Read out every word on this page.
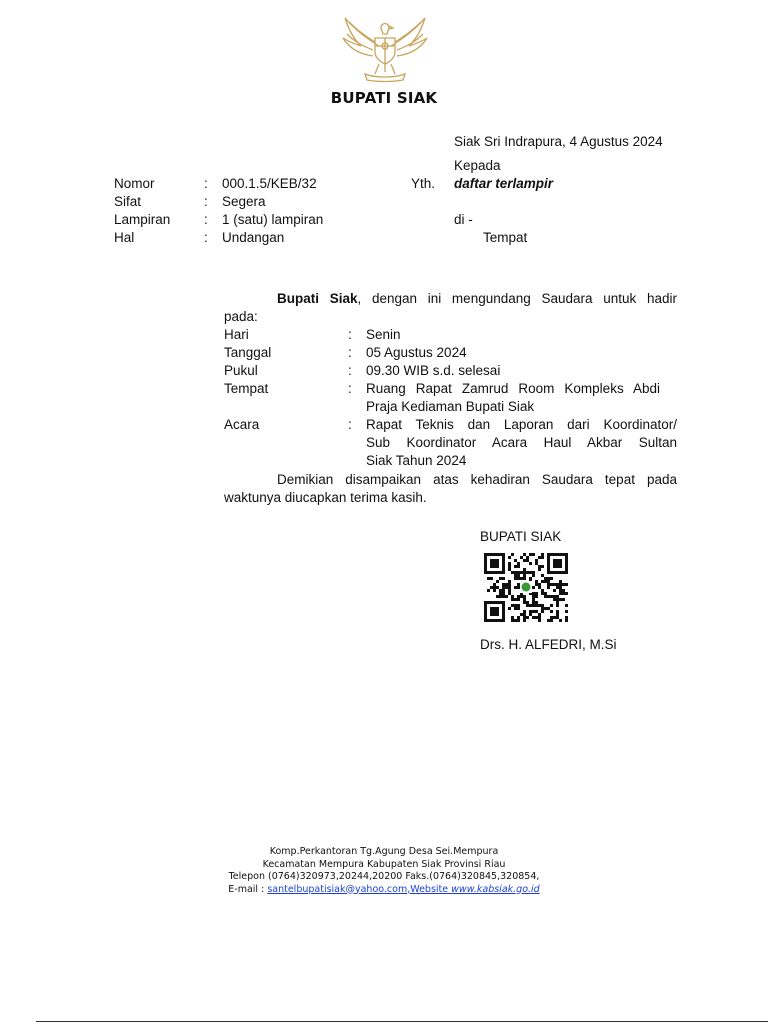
BUPATI SIAK
Siak Sri Indrapura, 4 Agustus 2024
Kepada
Yth. daftar terlampir
di -
Tempat
Nomor	: 000.1.5/KEB/32
Sifat	: Segera
Lampiran : 1 (satu) lampiran
Hal	: Undangan
Bupati Siak, dengan ini mengundang Saudara untuk hadir
pada:
Hari	: Senin
Tanggal	: 05 Agustus 2024
Pukul	: 09.30 WIB s.d. selesai
Tempat	: Ruang Rapat Zamrud Room Kompleks Abdi
Praja Kediaman Bupati Siak
Acara	: Rapat Teknis dan Laporan dari Koordinator/
Sub Koordinator Acara Haul Akbar Sultan
Siak Tahun 2024
Demikian disampaikan atas kehadiran Saudara tepat pada
waktunya diucapkan terima kasih.
BUPATI SIAK
Drs. H. ALFEDRI, M.Si
Komp.Perkantoran Tg.Agung Desa Sei.Mempura
Kecamatan Mempura Kabupaten Siak Provinsi Riau
Telepon (0764)320973,20244,20200 Faks.(0764)320845,320854,
E-mail : santelbupatisiak@yahoo.com,Website www.kabsiak.go.id
